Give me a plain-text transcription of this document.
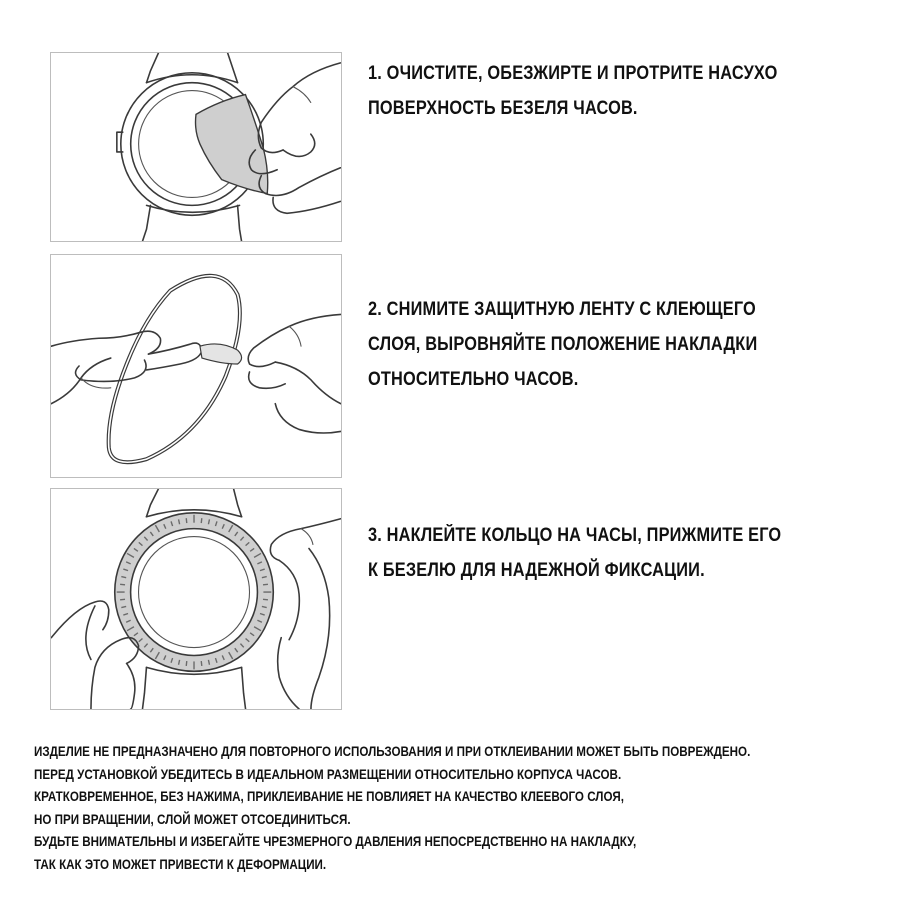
1. ОЧИСТИТЕ, ОБЕЗЖИРТЕ И ПРОТРИТЕ НАСУХО
ПОВЕРХНОСТЬ БЕЗЕЛЯ ЧАСОВ.
2. СНИМИТЕ ЗАЩИТНУЮ ЛЕНТУ С КЛЕЮЩЕГО
СЛОЯ, ВЫРОВНЯЙТЕ ПОЛОЖЕНИЕ НАКЛАДКИ
ОТНОСИТЕЛЬНО ЧАСОВ.
3. НАКЛЕЙТЕ КОЛЬЦО НА ЧАСЫ, ПРИЖМИТЕ ЕГО
К БЕЗЕЛЮ ДЛЯ НАДЕЖНОЙ ФИКСАЦИИ.
ИЗДЕЛИЕ НЕ ПРЕДНАЗНАЧЕНО ДЛЯ ПОВТОРНОГО ИСПОЛЬЗОВАНИЯ И ПРИ ОТКЛЕИВАНИИ МОЖЕТ БЫТЬ ПОВРЕЖДЕНО.
ПЕРЕД УСТАНОВКОЙ УБЕДИТЕСЬ В ИДЕАЛЬНОМ РАЗМЕЩЕНИИ ОТНОСИТЕЛЬНО КОРПУСА ЧАСОВ.
КРАТКОВРЕМЕННОЕ, БЕЗ НАЖИМА, ПРИКЛЕИВАНИЕ НЕ ПОВЛИЯЕТ НА КАЧЕСТВО КЛЕЕВОГО СЛОЯ,
НО ПРИ ВРАЩЕНИИ, СЛОЙ МОЖЕТ ОТСОЕДИНИТЬСЯ.
БУДЬТЕ ВНИМАТЕЛЬНЫ И ИЗБЕГАЙТЕ ЧРЕЗМЕРНОГО ДАВЛЕНИЯ НЕПОСРЕДСТВЕННО НА НАКЛАДКУ,
ТАК КАК ЭТО МОЖЕТ ПРИВЕСТИ К ДЕФОРМАЦИИ.
